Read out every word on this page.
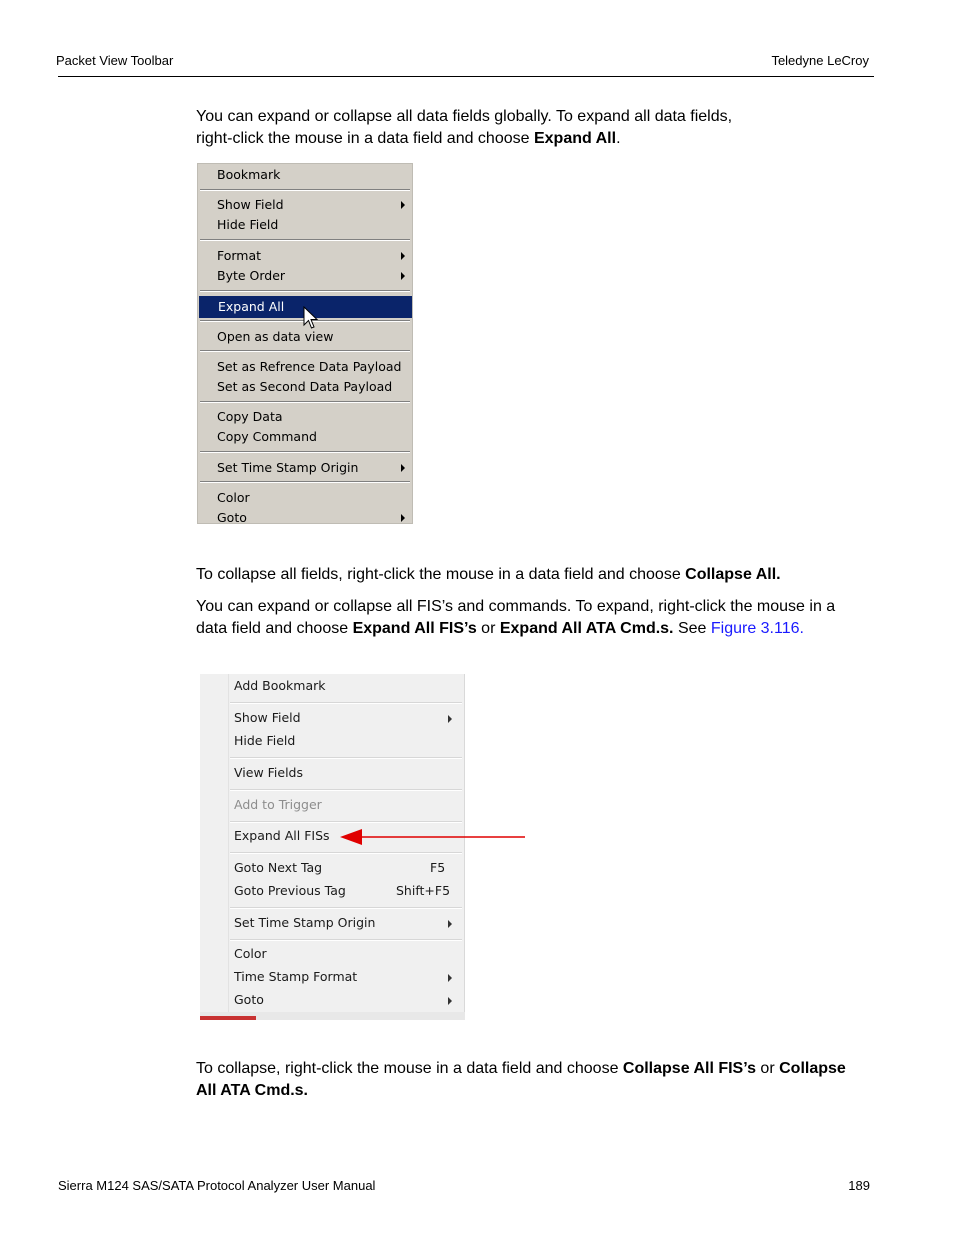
Packet View Toolbar	Teledyne LeCroy
You can expand or collapse all data fields globally. To expand all data fields,
right-click the mouse in a data field and choose Expand All.
Bookmark
Show Field
Hide Field
Format
Byte Order
Expand All
Open as data view
Set as Refrence Data Payload
Set as Second Data Payload
Copy Data
Copy Command
Set Time Stamp Origin
Color
Goto
To collapse all fields, right-click the mouse in a data field and choose Collapse All.
You can expand or collapse all FIS’s and commands. To expand, right-click the mouse in a
data field and choose Expand All FIS’s or Expand All ATA Cmd.s. See Figure 3.116.
Add Bookmark
Show Field
Hide Field
View Fields
Add to Trigger
Expand All FISs
Goto Next Tag	F5
Goto Previous Tag	Shift+F5
Set Time Stamp Origin
Color
Time Stamp Format
Goto
To collapse, right-click the mouse in a data field and choose Collapse All FIS’s or Collapse
All ATA Cmd.s.
Sierra M124 SAS/SATA Protocol Analyzer User Manual	189
